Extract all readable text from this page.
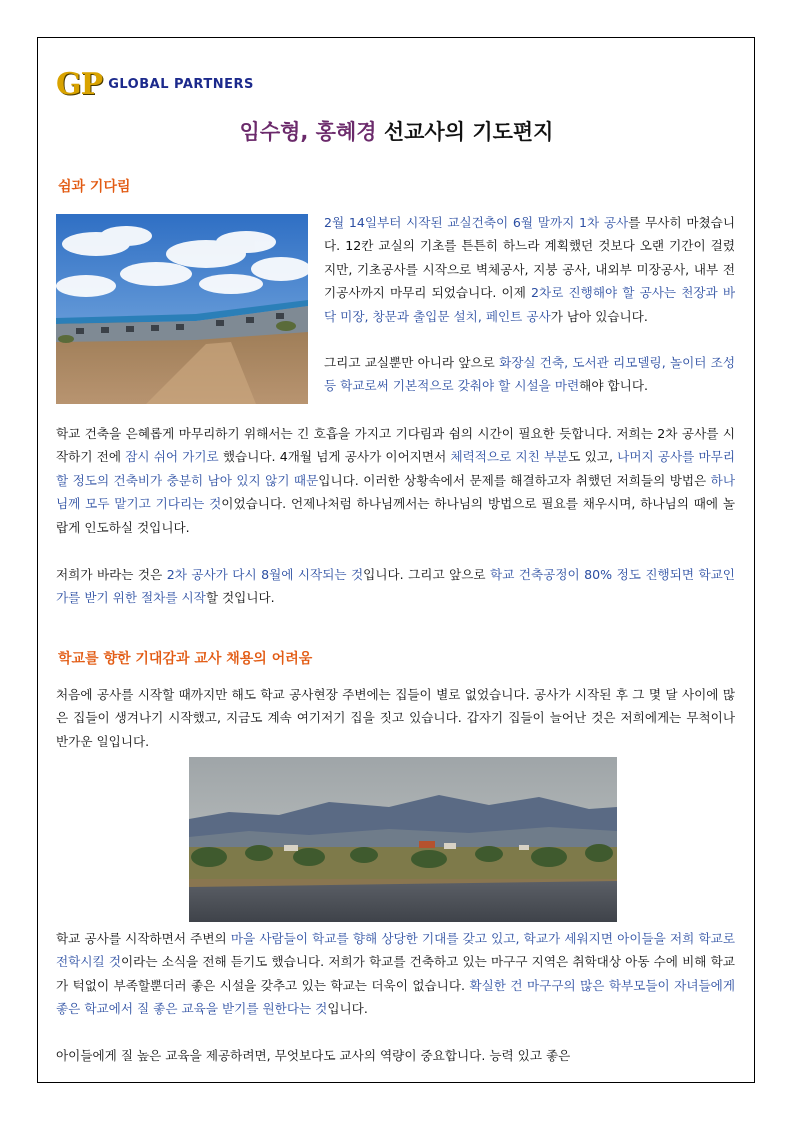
GP GLOBAL PARTNERS
임수형, 홍혜경 선교사의 기도편지
쉼과 기다림
2월 14일부터 시작된 교실건축이 6월 말까지 1차 공사를 무사히 마쳤습니다. 12칸 교실의 기초를 튼튼히 하느라 계획했던 것보다 오랜 기간이 걸렸지만, 기초공사를 시작으로 벽체공사, 지붕 공사, 내외부 미장공사, 내부 전기공사까지 마무리 되었습니다. 이제 2차로 진행해야 할 공사는 천장과 바닥 미장, 창문과 출입문 설치, 페인트 공사가 남아 있습니다.
그리고 교실뿐만 아니라 앞으로 화장실 건축, 도서관 리모델링, 놀이터 조성 등 학교로써 기본적으로 갖춰야 할 시설을 마련해야 합니다.
학교 건축을 은혜롭게 마무리하기 위해서는 긴 호흡을 가지고 기다림과 쉼의 시간이 필요한 듯합니다. 저희는 2차 공사를 시작하기 전에 잠시 쉬어 가기로 했습니다. 4개월 넘게 공사가 이어지면서 체력적으로 지친 부분도 있고, 나머지 공사를 마무리 할 정도의 건축비가 충분히 남아 있지 않기 때문입니다. 이러한 상황속에서 문제를 해결하고자 취했던 저희들의 방법은 하나님께 모두 맡기고 기다리는 것이었습니다. 언제나처럼 하나님께서는 하나님의 방법으로 필요를 채우시며, 하나님의 때에 놀랍게 인도하실 것입니다.
저희가 바라는 것은 2차 공사가 다시 8월에 시작되는 것입니다. 그리고 앞으로 학교 건축공정이 80% 정도 진행되면 학교인가를 받기 위한 절차를 시작할 것입니다.
학교를 향한 기대감과 교사 채용의 어려움
처음에 공사를 시작할 때까지만 해도 학교 공사현장 주변에는 집들이 별로 없었습니다. 공사가 시작된 후 그 몇 달 사이에 많은 집들이 생겨나기 시작했고, 지금도 계속 여기저기 집을 짓고 있습니다. 갑자기 집들이 늘어난 것은 저희에게는 무척이나 반가운 일입니다.
학교 공사를 시작하면서 주변의 마을 사람들이 학교를 향해 상당한 기대를 갖고 있고, 학교가 세워지면 아이들을 저희 학교로 전학시킬 것이라는 소식을 전해 듣기도 했습니다. 저희가 학교를 건축하고 있는 마구구 지역은 취학대상 아동 수에 비해 학교가 턱없이 부족할뿐더러 좋은 시설을 갖추고 있는 학교는 더욱이 없습니다. 확실한 건 마구구의 많은 학부모들이 자녀들에게 좋은 학교에서 질 좋은 교육을 받기를 원한다는 것입니다.
아이들에게 질 높은 교육을 제공하려면, 무엇보다도 교사의 역량이 중요합니다. 능력 있고 좋은
